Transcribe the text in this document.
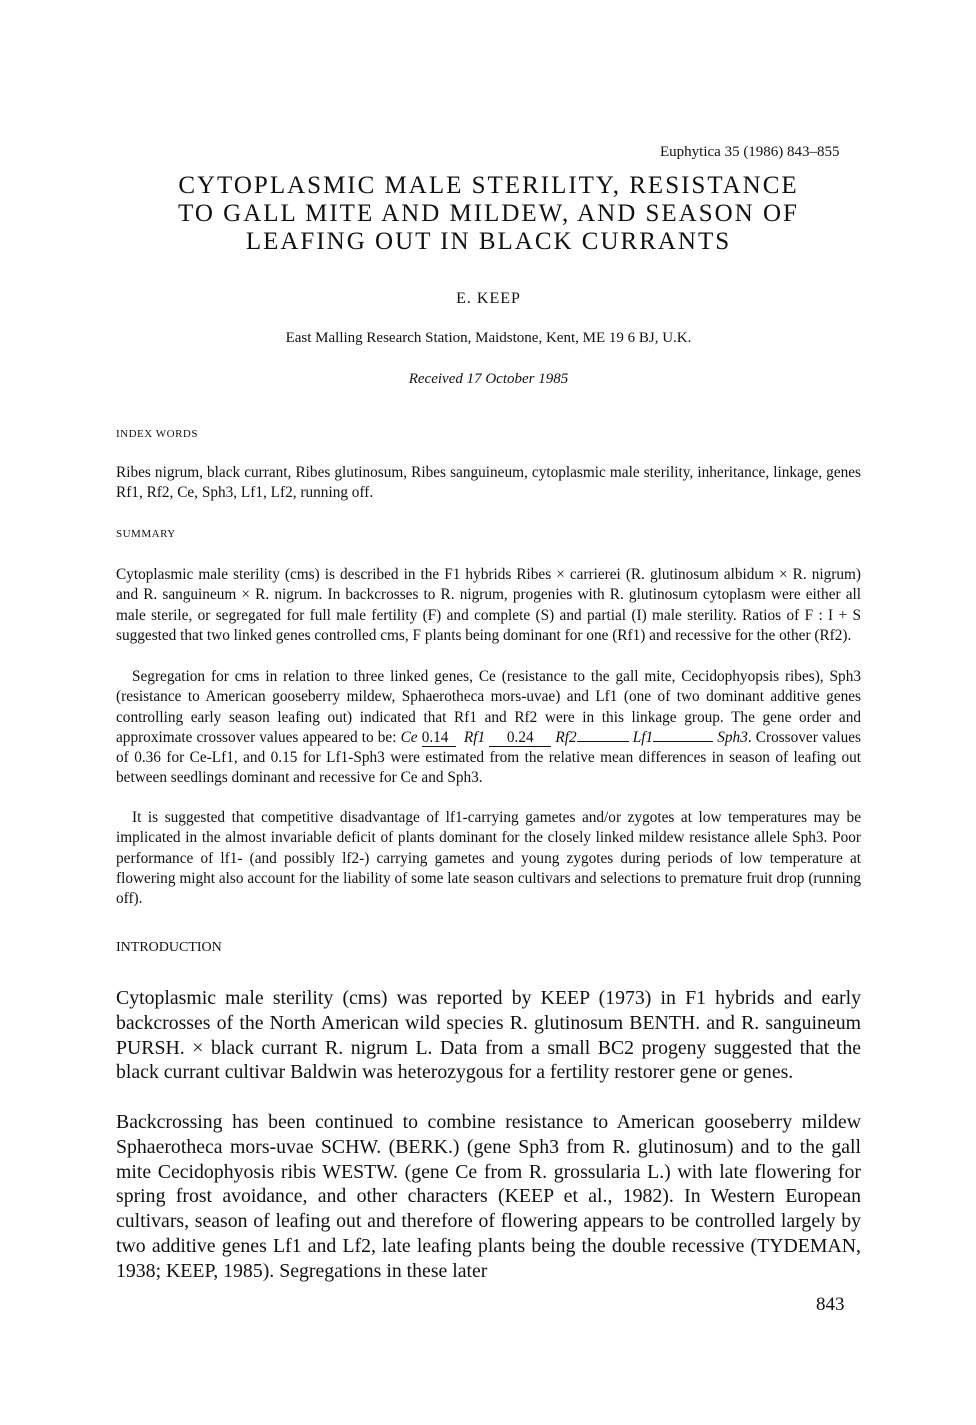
Euphytica 35 (1986) 843–855
CYTOPLASMIC MALE STERILITY, RESISTANCE
TO GALL MITE AND MILDEW, AND SEASON OF
LEAFING OUT IN BLACK CURRANTS
E. KEEP
East Malling Research Station, Maidstone, Kent, ME 19 6 BJ, U.K.
Received 17 October 1985
INDEX WORDS

Ribes nigrum, black currant, Ribes glutinosum, Ribes sanguineum, cytoplasmic male sterility, inheritance, linkage, genes Rf1, Rf2, Ce, Sph3, Lf1, Lf2, running off.

SUMMARY

Cytoplasmic male sterility (cms) is described in the F1 hybrids Ribes × carrierei (R. glutinosum albidum × R. nigrum) and R. sanguineum × R. nigrum. In backcrosses to R. nigrum, progenies with R. glutinosum cytoplasm were either all male sterile, or segregated for full male fertility (F) and complete (S) and partial (I) male sterility. Ratios of F : I + S suggested that two linked genes controlled cms, F plants being dominant for one (Rf1) and recessive for the other (Rf2).

Segregation for cms in relation to three linked genes, Ce (resistance to the gall mite, Cecidophyopsis ribes), Sph3 (resistance to American gooseberry mildew, Sphaerotheca mors-uvae) and Lf1 (one of two dominant additive genes controlling early season leafing out) indicated that Rf1 and Rf2 were in this linkage group. The gene order and approximate crossover values appeared to be: Ce 0.14 Rf1 0.24 Rf2	Lf1	Sph3. Crossover values of 0.36 for Ce-Lf1, and 0.15 for Lf1-Sph3 were estimated from the relative mean differences in season of leafing out between seedlings dominant and recessive for Ce and Sph3.

It is suggested that competitive disadvantage of lf1-carrying gametes and/or zygotes at low temperatures may be implicated in the almost invariable deficit of plants dominant for the closely linked mildew resistance allele Sph3. Poor performance of lf1- (and possibly lf2-) carrying gametes and young zygotes during periods of low temperature at flowering might also account for the liability of some late season cultivars and selections to premature fruit drop (running off).

INTRODUCTION

Cytoplasmic male sterility (cms) was reported by KEEP (1973) in F1 hybrids and early backcrosses of the North American wild species R. glutinosum BENTH. and R. sanguineum PURSH. × black currant R. nigrum L. Data from a small BC2 progeny suggested that the black currant cultivar Baldwin was heterozygous for a fertility restorer gene or genes.

Backcrossing has been continued to combine resistance to American gooseberry mildew Sphaerotheca mors-uvae SCHW. (BERK.) (gene Sph3 from R. glutinosum) and to the gall mite Cecidophyosis ribis WESTW. (gene Ce from R. grossularia L.) with late flowering for spring frost avoidance, and other characters (KEEP et al., 1982). In Western European cultivars, season of leafing out and therefore of flowering appears to be controlled largely by two additive genes Lf1 and Lf2, late leafing plants being the double recessive (TYDEMAN, 1938; KEEP, 1985). Segregations in these later

843
